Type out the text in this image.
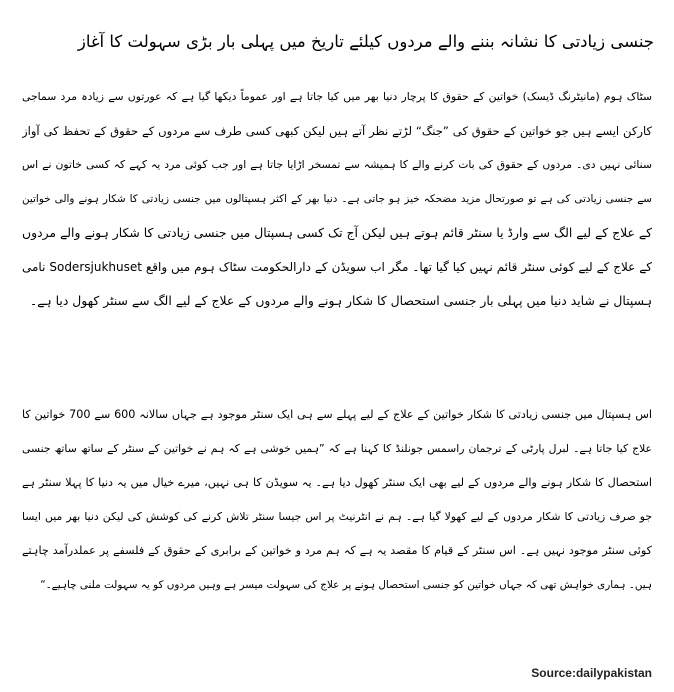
جنسی زیادتی کا نشانہ بننے والے مردوں کیلئے تاریخ میں پہلی بار بڑی سہولت کا آغاز
سٹاک ہوم (مانیٹرنگ ڈیسک) خواتین کے حقوق کا پرچار دنیا بھر میں کیا جاتا ہے اور عموماً دیکھا گیا ہے کہ عورتوں سے زیادہ مرد سماجی
کارکن ایسے ہیں جو خواتین کے حقوق کی ”جنگ“ لڑتے نظر آتے ہیں لیکن کبھی کسی طرف سے مردوں کے حقوق کے تحفظ کی آواز
سنائی نہیں دی۔ مردوں کے حقوق کی بات کرنے والے کا ہمیشہ سے تمسخر اڑایا جاتا ہے اور جب کوئی مرد یہ کہے کہ کسی خاتون نے اس
سے جنسی زیادتی کی ہے تو صورتحال مزید مضحکہ خیز ہو جاتی ہے۔ دنیا بھر کے اکثر ہسپتالوں میں جنسی زیادتی کا شکار ہونے والی خواتین
کے علاج کے لیے الگ سے وارڈ یا سنٹر قائم ہوتے ہیں لیکن آج تک کسی ہسپتال میں جنسی زیادتی کا شکار ہونے والے مردوں
کے علاج کے لیے کوئی سنٹر قائم نہیں کیا گیا تھا۔ مگر اب سویڈن کے دارالحکومت سٹاک ہوم میں واقع Sodersjukhuset نامی
ہسپتال نے شاید دنیا میں پہلی بار جنسی استحصال کا شکار ہونے والے مردوں کے علاج کے لیے الگ سے سنٹر کھول دیا ہے۔
اس ہسپتال میں جنسی زیادتی کا شکار خواتین کے علاج کے لیے پہلے سے ہی ایک سنٹر موجود ہے جہاں سالانہ 600 سے 700 خواتین کا
علاج کیا جاتا ہے۔ لبرل پارٹی کے ترجمان راسمس جونلنڈ کا کہنا ہے کہ ”ہمیں خوشی ہے کہ ہم نے خواتین کے سنٹر کے ساتھ ساتھ جنسی
استحصال کا شکار ہونے والے مردوں کے لیے بھی ایک سنٹر کھول دیا ہے۔ یہ سویڈن کا ہی نہیں، میرے خیال میں یہ دنیا کا پہلا سنٹر ہے
جو صرف زیادتی کا شکار مردوں کے لیے کھولا گیا ہے۔ ہم نے انٹرنیٹ پر اس جیسا سنٹر تلاش کرنے کی کوشش کی لیکن دنیا بھر میں ایسا
کوئی سنٹر موجود نہیں ہے۔ اس سنٹر کے قیام کا مقصد یہ ہے کہ ہم مرد و خواتین کے برابری کے حقوق کے فلسفے پر عملدرآمد چاہتے
ہیں۔ ہماری خواہش تھی کہ جہاں خواتین کو جنسی استحصال ہونے پر علاج کی سہولت میسر ہے وہیں مردوں کو یہ سہولت ملنی چاہیے۔“
Source:dailypakistan
